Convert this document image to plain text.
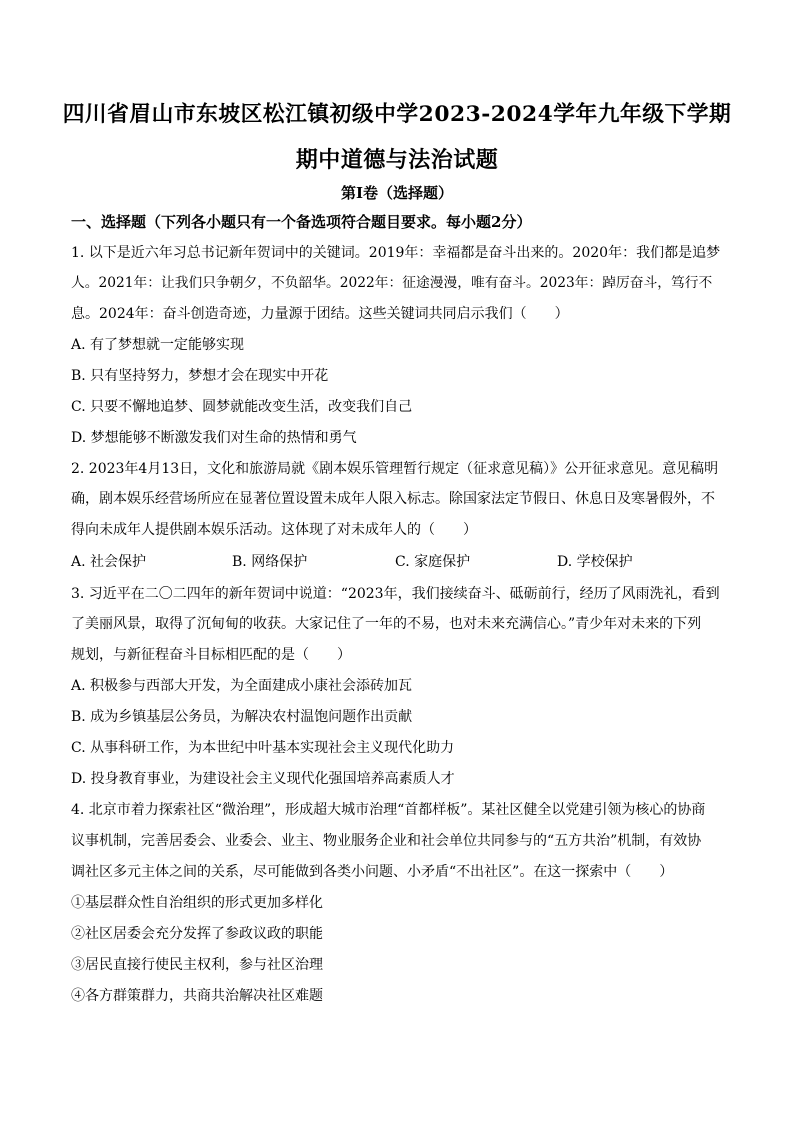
四川省眉山市东坡区松江镇初级中学2023-2024学年九年级下学期
期中道德与法治试题
第Ⅰ卷（选择题）
一、选择题（下列各小题只有一个备选项符合题目要求。每小题2分）
1. 以下是近六年习总书记新年贺词中的关键词。2019年：幸福都是奋斗出来的。2020年：我们都是追梦
人。2021年：让我们只争朝夕，不负韶华。2022年：征途漫漫，唯有奋斗。2023年：踔厉奋斗，笃行不
息。2024年：奋斗创造奇迹，力量源于团结。这些关键词共同启示我们（　　）
A. 有了梦想就一定能够实现
B. 只有坚持努力，梦想才会在现实中开花
C. 只要不懈地追梦、圆梦就能改变生活，改变我们自己
D. 梦想能够不断激发我们对生命的热情和勇气
2. 2023年4月13日，文化和旅游局就《剧本娱乐管理暂行规定（征求意见稿）》公开征求意见。意见稿明
确，剧本娱乐经营场所应在显著位置设置未成年人限入标志。除国家法定节假日、休息日及寒暑假外，不
得向未成年人提供剧本娱乐活动。这体现了对未成年人的（　　）
A. 社会保护	B. 网络保护	C. 家庭保护	D. 学校保护
3. 习近平在二〇二四年的新年贺词中说道：“2023年，我们接续奋斗、砥砺前行，经历了风雨洗礼，看到
了美丽风景，取得了沉甸甸的收获。大家记住了一年的不易，也对未来充满信心。”青少年对未来的下列
规划，与新征程奋斗目标相匹配的是（　　）
A. 积极参与西部大开发，为全面建成小康社会添砖加瓦
B. 成为乡镇基层公务员，为解决农村温饱问题作出贡献
C. 从事科研工作，为本世纪中叶基本实现社会主义现代化助力
D. 投身教育事业，为建设社会主义现代化强国培养高素质人才
4. 北京市着力探索社区“微治理”，形成超大城市治理“首都样板”。某社区健全以党建引领为核心的协商
议事机制，完善居委会、业委会、业主、物业服务企业和社会单位共同参与的“五方共治”机制，有效协
调社区多元主体之间的关系，尽可能做到各类小问题、小矛盾“不出社区”。在这一探索中（　　）
①基层群众性自治组织的形式更加多样化
②社区居委会充分发挥了参政议政的职能
③居民直接行使民主权利，参与社区治理
④各方群策群力，共商共治解决社区难题
